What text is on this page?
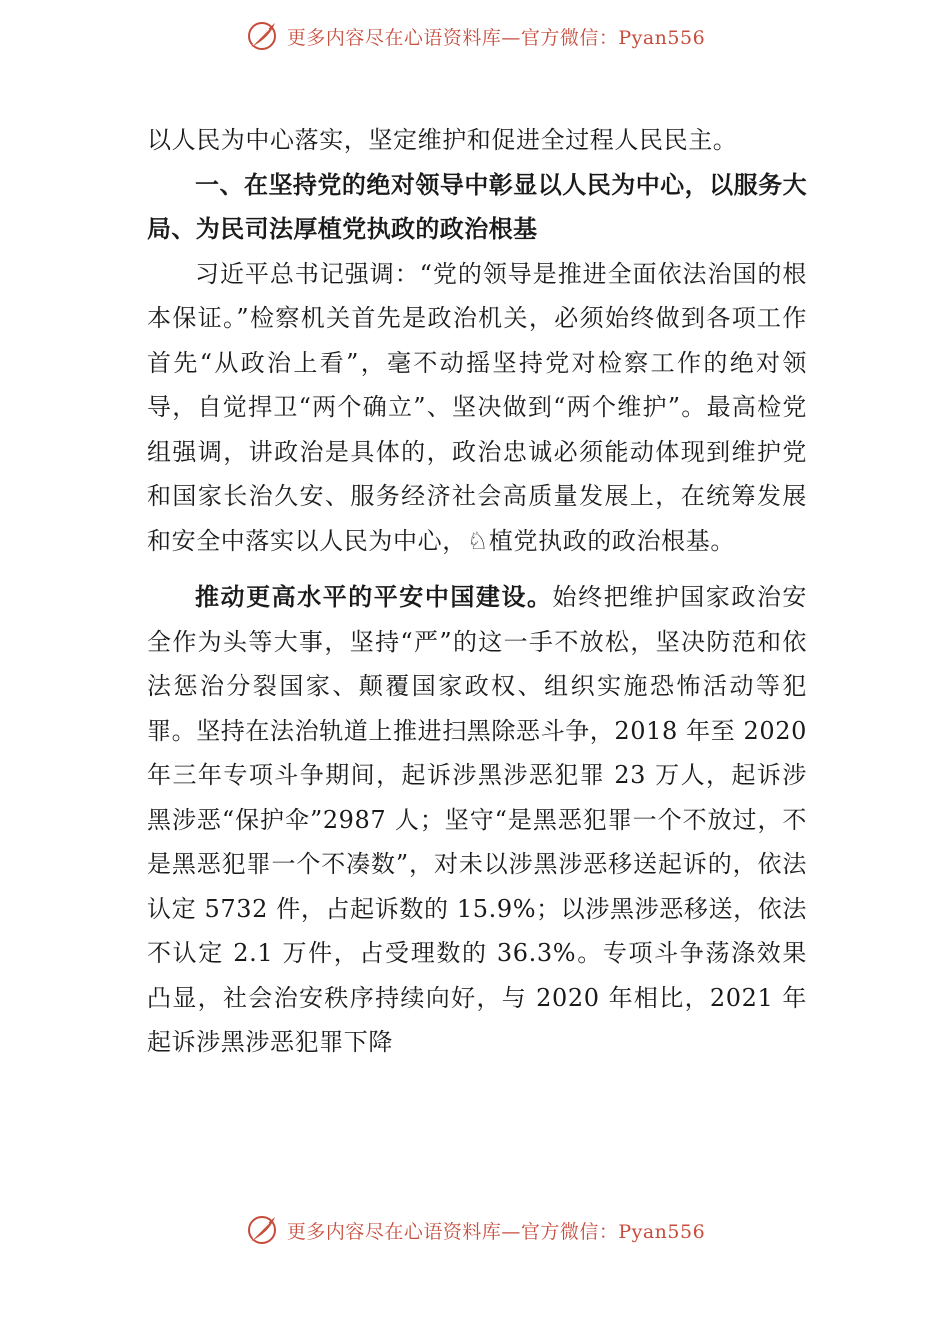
更多内容尽在心语资料库—官方微信：Pyan556

以人民为中心落实，坚定维护和促进全过程人民民主。

一、在坚持党的绝对领导中彰显以人民为中心，以服务大局、为民司法厚植党执政的政治根基

习近平总书记强调：“党的领导是推进全面依法治国的根本保证。”检察机关首先是政治机关，必须始终做到各项工作首先“从政治上看”，毫不动摇坚持党对检察工作的绝对领导，自觉捍卫“两个确立”、坚决做到“两个维护”。最高检党组强调，讲政治是具体的，政治忠诚必须能动体现到维护党和国家长治久安、服务经济社会高质量发展上，在统筹发展和安全中落实以人民为中心，♘植党执政的政治根基。

推动更高水平的平安中国建设。始终把维护国家政治安全作为头等大事，坚持“严”的这一手不放松，坚决防范和依法惩治分裂国家、颠覆国家政权、组织实施恐怖活动等犯罪。坚持在法治轨道上推进扫黑除恶斗争，2018 年至 2020 年三年专项斗争期间，起诉涉黑涉恶犯罪 23 万人，起诉涉黑涉恶“保护伞”2987 人；坚守“是黑恶犯罪一个不放过，不是黑恶犯罪一个不凑数”，对未以涉黑涉恶移送起诉的，依法认定 5732 件，占起诉数的 15.9%；以涉黑涉恶移送，依法不认定 2.1 万件，占受理数的 36.3%。专项斗争荡涤效果凸显，社会治安秩序持续向好，与 2020 年相比，2021 年起诉涉黑涉恶犯罪下降

更多内容尽在心语资料库—官方微信：Pyan556
